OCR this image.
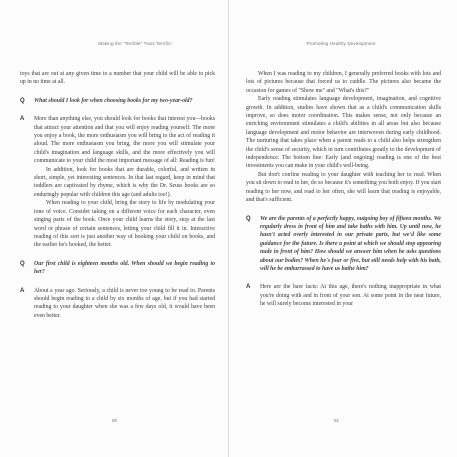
Making the "Terrible" Twos Terrific!

toys that are out at any given time to a number that your child will be able to pick up in no time at all.

Q What should I look for when choosing books for my two-year-old?

A More than anything else, you should look for books that interest you—books that attract your attention and that you will enjoy reading yourself. The more you enjoy a book, the more enthusiasm you will bring to the act of reading it aloud. The more enthusiasm you bring, the more you will stimulate your child's imagination and language skills, and the more effectively you will communicate to your child the most important message of all: Reading is fun!

In addition, look for books that are durable, colorful, and written in short, simple, yet interesting sentences. In that last regard, keep in mind that toddlers are captivated by rhyme, which is why the Dr. Seuss books are so enduringly popular with children this age (and adults too!).

When reading to your child, bring the story to life by modulating your tone of voice. Consider taking on a different voice for each character, even singing parts of the book. Once your child learns the story, stop at the last word or phrase of certain sentences, letting your child fill it in. Interactive reading of this sort is just another way of hooking your child on books, and the earlier he's hooked, the better.

Q Our first child is eighteen months old. When should we begin reading to her?

A About a year ago. Seriously, a child is never too young to be read to. Parents should begin reading to a child by six months of age, but if you had started reading to your daughter when she was a few days old, it would have been even better.

90
Promoting Healthy Development

When I was reading to my children, I generally preferred books with lots and lots of pictures because that forced us to cuddle. The pictures also became the occasion for games of "Show me" and "What's this?"

Early reading stimulates language development, imagination, and cognitive growth. In addition, studies have shown that as a child's communication skills improve, so does motor coordination. This makes sense, not only because an enriching environment stimulates a child's abilities in all areas but also because language development and motor behavior are interwoven during early childhood. The nurturing that takes place when a parent reads to a child also helps strengthen the child's sense of security, which in turn contributes greatly to the development of independence. The bottom line: Early (and ongoing) reading is one of the best investments you can make in your child's well-being.

But don't confine reading to your daughter with teaching her to read. When you sit down to read to her, do so because it's something you both enjoy. If you start reading to her now, and read to her often, she will learn that reading is enjoyable, and that's sufficient.

Q We are the parents of a perfectly happy, outgoing boy of fifteen months. We regularly dress in front of him and take baths with him. Up until now, he hasn't acted overly interested in our private parts, but we'd like some guidance for the future. Is there a point at which we should stop appearing nude in front of him? How should we answer him when he asks questions about our bodies? When he's four or five, but still needs help with his bath, will he be embarrassed to have us bathe him?

A Here are the bare facts: At this age, there's nothing inappropriate in what you're doing with and in front of your son. At some point in the near future, he will surely become interested in your

91
